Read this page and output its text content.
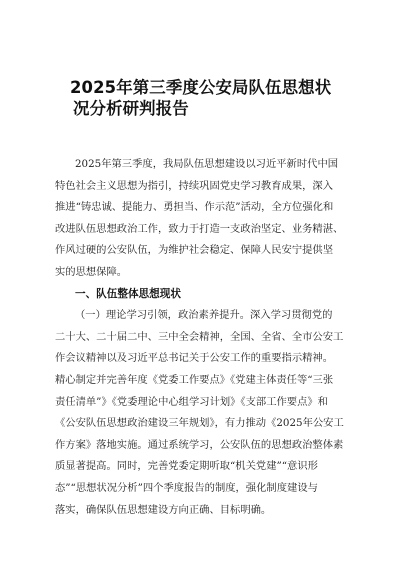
2025年第三季度公安局队伍思想状
况分析研判报告

2025年第三季度，我局队伍思想建设以习近平新时代中国
特色社会主义思想为指引，持续巩固党史学习教育成果，深入
推进“铸忠诚、提能力、勇担当、作示范”活动，全方位强化和
改进队伍思想政治工作，致力于打造一支政治坚定、业务精湛、
作风过硬的公安队伍，为维护社会稳定、保障人民安宁提供坚
实的思想保障。

一、队伍整体思想现状

（一）理论学习引领，政治素养提升。深入学习贯彻党的
二十大、二十届二中、三中全会精神，全国、全省、全市公安工
作会议精神以及习近平总书记关于公安工作的重要指示精神。
精心制定并完善年度《党委工作要点》《党建主体责任等“三张
责任清单”》《党委理论中心组学习计划》《支部工作要点》和
《公安队伍思想政治建设三年规划》，有力推动《2025年公安工
作方案》落地实施。通过系统学习，公安队伍的思想政治整体素
质显著提高。同时，完善党委定期听取“机关党建”“意识形
态”“思想状况分析”四个季度报告的制度，强化制度建设与
落实，确保队伍思想建设方向正确、目标明确。
